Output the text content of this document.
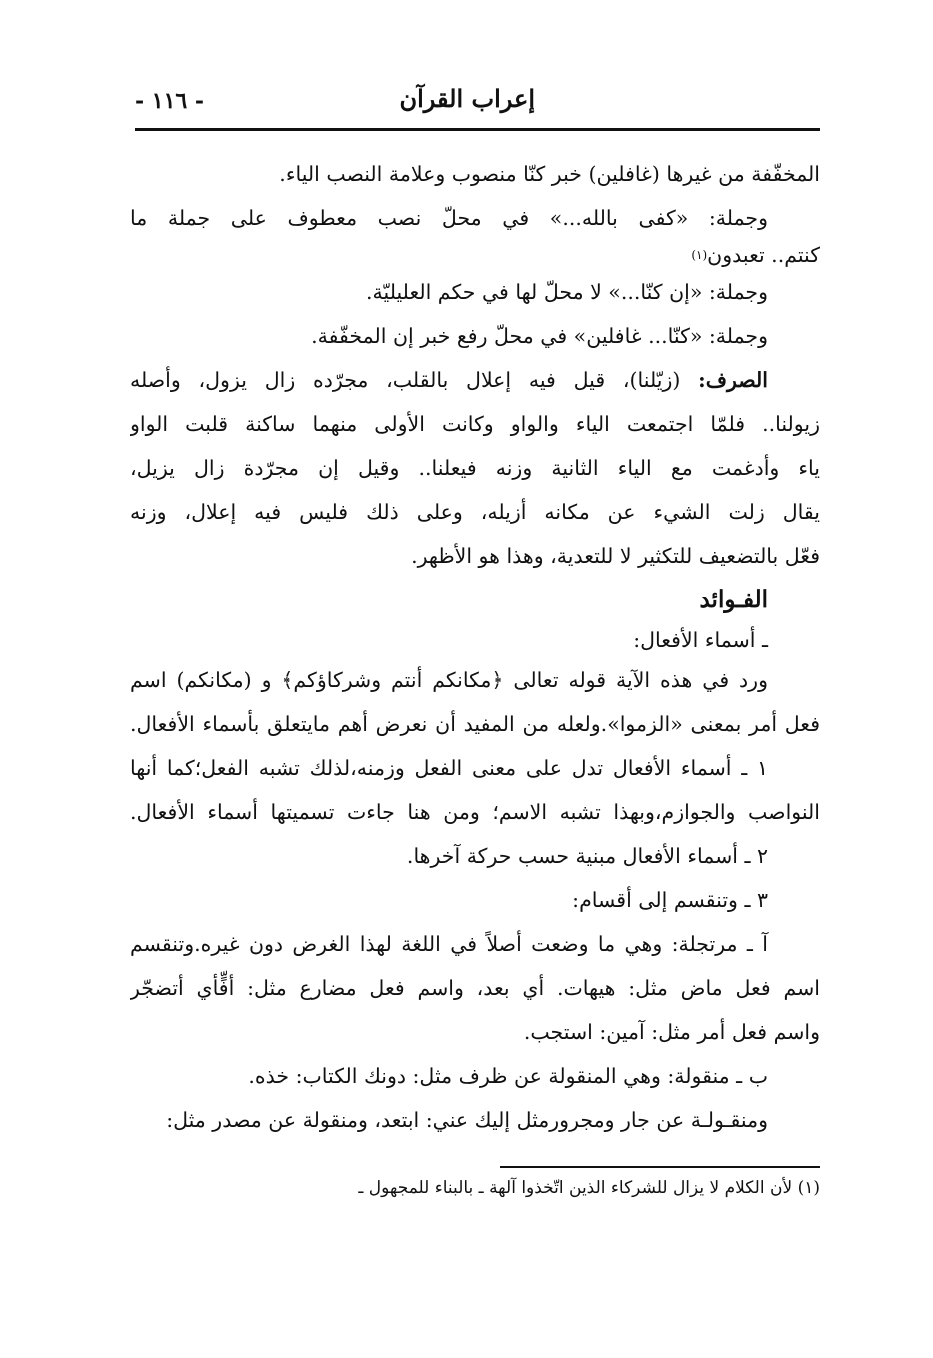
إعراب القرآن
- ١١٦ -
المخفّفة من غيرها (غافلين) خبر كنّا منصوب وعلامة النصب الياء.
وجملة: «كفى بالله...» في محلّ نصب معطوف على جملة ما
كنتم.. تعبدون$^{(١)}$
وجملة: «إن كنّا...» لا محلّ لها في حكم العليليّة.
وجملة: «كنّا... غافلين» في محلّ رفع خبر إن المخفّفة.
الصرف: (زيّلنا)، قيل فيه إعلال بالقلب، مجرّده زال يزول، وأصله
زيولنا.. فلمّا اجتمعت الياء والواو وكانت الأولى منهما ساكنة قلبت الواو
ياء وأدغمت مع الياء الثانية وزنه فيعلنا.. وقيل إن مجرّدة زال يزيل،
يقال زلت الشيء عن مكانه أزيله، وعلى ذلك فليس فيه إعلال، وزنه
فعّل بالتضعيف للتكثير لا للتعدية، وهذا هو الأظهر.
الفـوائد
ـ أسماء الأفعال:
ورد في هذه الآية قوله تعالى ﴿مكانكم أنتم وشركاؤكم﴾ و (مكانكم) اسم
فعل أمر بمعنى «الزموا».ولعله من المفيد أن نعرض أهم مايتعلق بأسماء الأفعال.
١ ـ أسماء الأفعال تدل على معنى الفعل وزمنه،لذلك تشبه الفعل؛كما أنها
النواصب والجوازم،وبهذا تشبه الاسم؛ ومن هنا جاءت تسميتها أسماء الأفعال.
٢ ـ أسماء الأفعال مبنية حسب حركة آخرها.
٣ ـ وتنقسم إلى أقسام:
آ ـ مرتجلة: وهي ما وضعت أصلاً في اللغة لهذا الغرض دون غيره.وتنقسم
اسم فعل ماض مثل: هيهات. أي بعد، واسم فعل مضارع مثل: أفٍّأي أتضجّر
واسم فعل أمر مثل: آمين: استجب.
ب ـ منقولة: وهي المنقولة عن ظرف مثل: دونك الكتاب: خذه.
ومنقـولـة عن جار ومجرورمثل إليك عني: ابتعد، ومنقولة عن مصدر مثل:
(١) لأن الكلام لا يزال للشركاء الذين اتّخذوا آلهة ـ بالبناء للمجهول ـ
